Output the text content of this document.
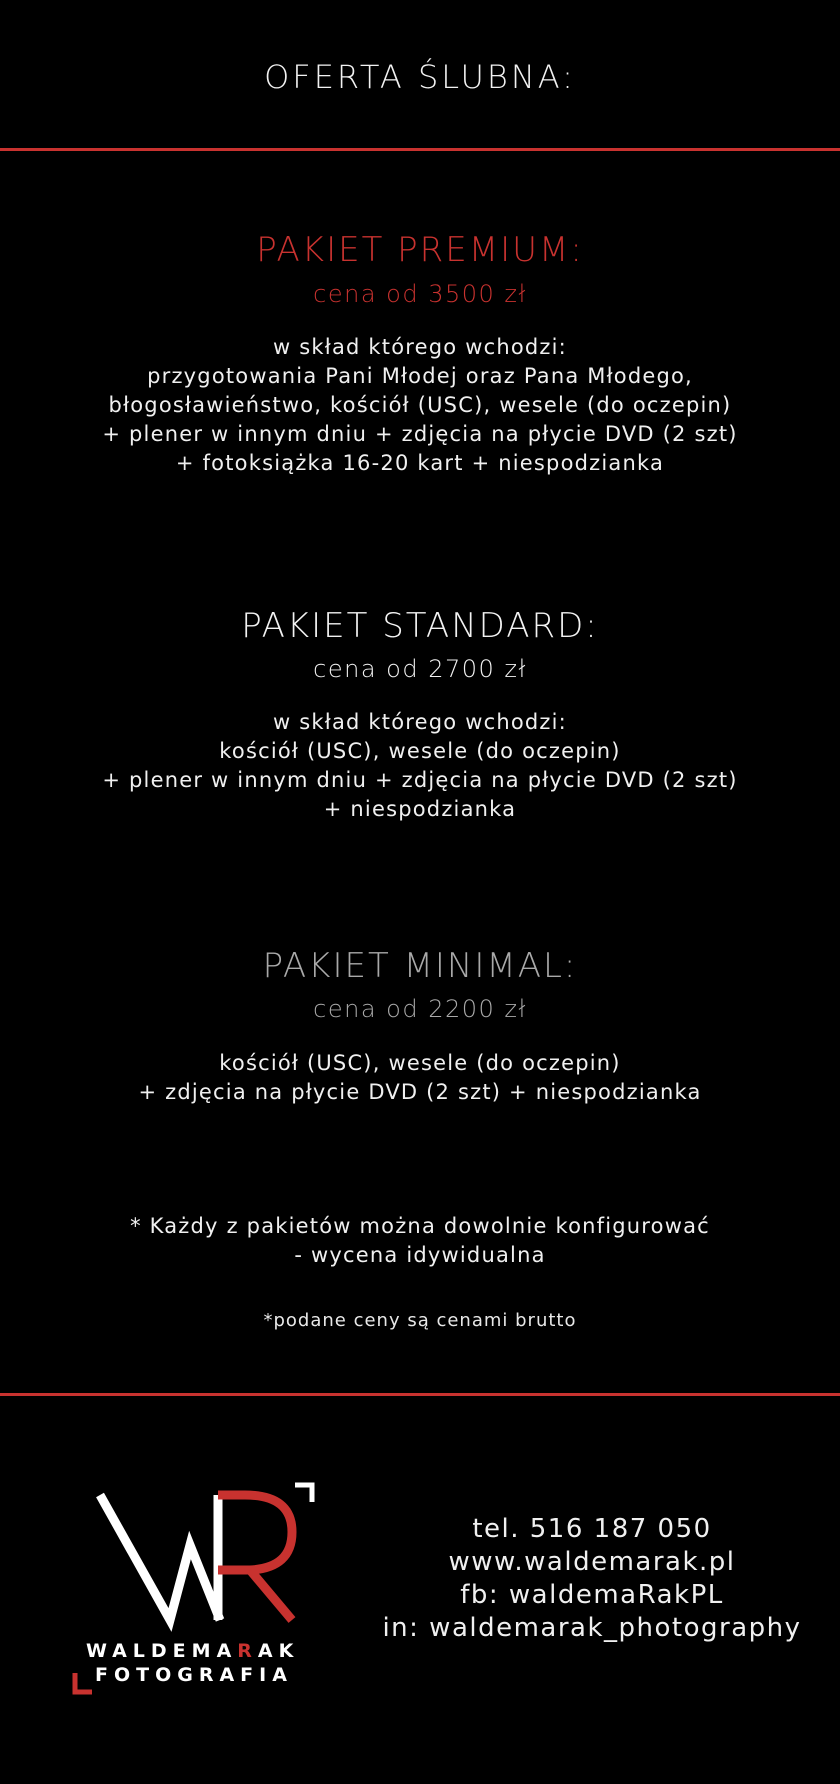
OFERTA ŚLUBNA:
PAKIET PREMIUM:
cena od 3500 zł
w skład którego wchodzi:
przygotowania Pani Młodej oraz Pana Młodego,
błogosławieństwo, kościół (USC), wesele (do oczepin)
+ plener w innym dniu + zdjęcia na płycie DVD (2 szt)
+ fotoksiążka 16-20 kart + niespodzianka
PAKIET STANDARD:
cena od 2700 zł
w skład którego wchodzi:
kościół (USC), wesele (do oczepin)
+ plener w innym dniu + zdjęcia na płycie DVD (2 szt)
+ niespodzianka
PAKIET MINIMAL:
cena od 2200 zł
kościół (USC), wesele (do oczepin)
+ zdjęcia na płycie DVD (2 szt) + niespodzianka
* Każdy z pakietów można dowolnie konfigurować
- wycena idywidualna
*podane ceny są cenami brutto
WALDEMARAK
FOTOGRAFIA
tel. 516 187 050
www.waldemarak.pl
fb: waldemaRakPL
in: waldemarak_photography
